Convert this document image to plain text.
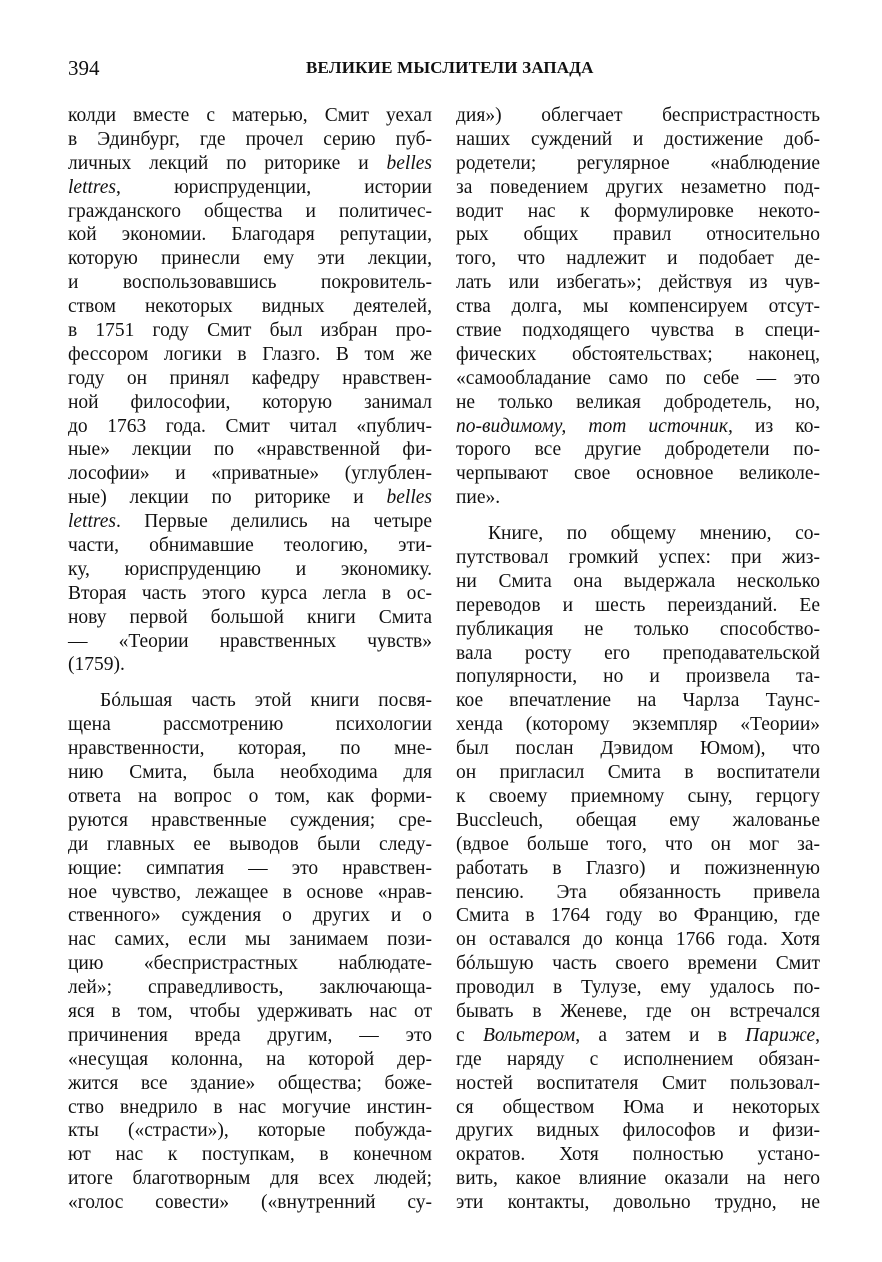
394	ВЕЛИКИЕ МЫСЛИТЕЛИ ЗАПАДА
колди вместе с матерью, Смит уехал
в Эдинбург, где прочел серию пуб-
личных лекций по риторике и belles
lettres, юриспруденции, истории
гражданского общества и политичес-
кой экономии. Благодаря репутации,
которую принесли ему эти лекции,
и воспользовавшись покровитель-
ством некоторых видных деятелей,
в 1751 году Смит был избран про-
фессором логики в Глазго. В том же
году он принял кафедру нравствен-
ной философии, которую занимал
до 1763 года. Смит читал «публич-
ные» лекции по «нравственной фи-
лософии» и «приватные» (углублен-
ные) лекции по риторике и belles
lettres. Первые делились на четыре
части, обнимавшие теологию, эти-
ку, юриспруденцию и экономику.
Вторая часть этого курса легла в ос-
нову первой большой книги Смита
— «Теории нравственных чувств»
(1759).
Бóльшая часть этой книги посвя-
щена рассмотрению психологии
нравственности, которая, по мне-
нию Смита, была необходима для
ответа на вопрос о том, как форми-
руются нравственные суждения; сре-
ди главных ее выводов были следу-
ющие: симпатия — это нравствен-
ное чувство, лежащее в основе «нрав-
ственного» суждения о других и о
нас самих, если мы занимаем пози-
цию «беспристрастных наблюдате-
лей»; справедливость, заключающа-
яся в том, чтобы удерживать нас от
причинения вреда другим, — это
«несущая колонна, на которой дер-
жится все здание» общества; боже-
ство внедрило в нас могучие инстин-
кты («страсти»), которые побужда-
ют нас к поступкам, в конечном
итоге благотворным для всех людей;
«голос совести» («внутренний су-
дия») облегчает беспристрастность
наших суждений и достижение доб-
родетели; регулярное «наблюдение
за поведением других незаметно под-
водит нас к формулировке некото-
рых общих правил относительно
того, что надлежит и подобает де-
лать или избегать»; действуя из чув-
ства долга, мы компенсируем отсут-
ствие подходящего чувства в специ-
фических обстоятельствах; наконец,
«самообладание само по себе — это
не только великая добродетель, но,
по-видимому, тот источник, из ко-
торого все другие добродетели по-
черпывают свое основное великоле-
пие».
Книге, по общему мнению, со-
путствовал громкий успех: при жиз-
ни Смита она выдержала несколько
переводов и шесть переизданий. Ее
публикация не только способство-
вала росту его преподавательской
популярности, но и произвела та-
кое впечатление на Чарлза Таунс-
хенда (которому экземпляр «Теории»
был послан Дэвидом Юмом), что
он пригласил Смита в воспитатели
к своему приемному сыну, герцогу
Buccleuch, обещая ему жалованье
(вдвое больше того, что он мог за-
работать в Глазго) и пожизненную
пенсию. Эта обязанность привела
Смита в 1764 году во Францию, где
он оставался до конца 1766 года. Хотя
бóльшую часть своего времени Смит
проводил в Тулузе, ему удалось по-
бывать в Женеве, где он встречался
с Вольтером, а затем и в Париже,
где наряду с исполнением обязан-
ностей воспитателя Смит пользовал-
ся обществом Юма и некоторых
других видных философов и физи-
ократов. Хотя полностью устано-
вить, какое влияние оказали на него
эти контакты, довольно трудно, не
